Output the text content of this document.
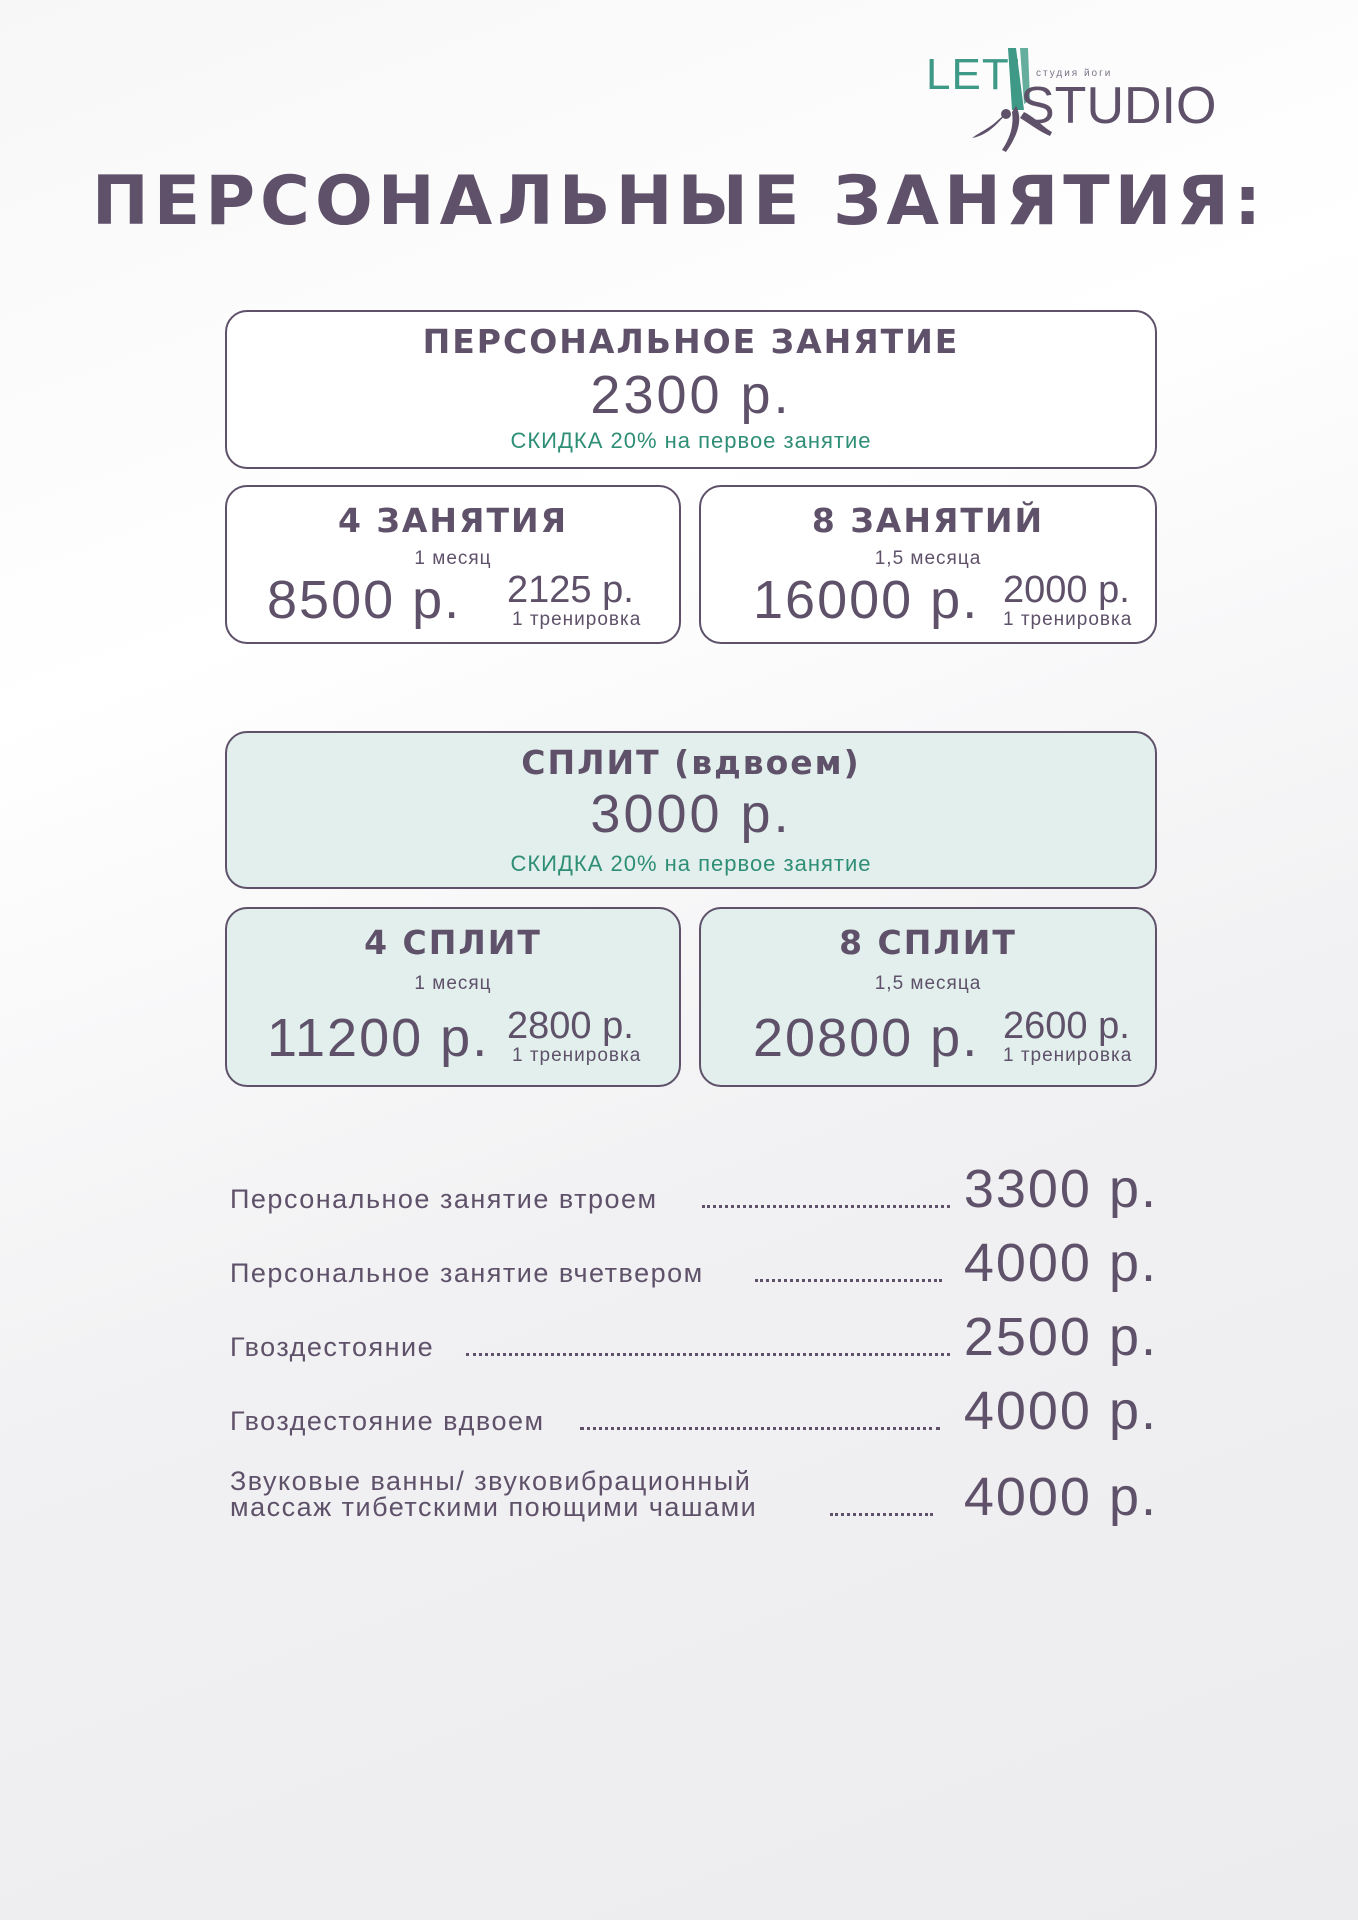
LETI студия йоги
STUDIO
ПЕРСОНАЛЬНЫЕ ЗАНЯТИЯ:
ПЕРСОНАЛЬНОЕ ЗАНЯТИЕ
2300 р.
СКИДКА 20% на первое занятие
4 ЗАНЯТИЯ
1 месяц
8500 р. 2125 р.
1 тренировка
8 ЗАНЯТИЙ
1,5 месяца
16000 р. 2000 р.
1 тренировка
СПЛИТ (вдвоем)
3000 р.
СКИДКА 20% на первое занятие
4 СПЛИТ
1 месяц
11200 р. 2800 р.
1 тренировка
8 СПЛИТ
1,5 месяца
20800 р. 2600 р.
1 тренировка
Персональное занятие втроем	3300 р.
Персональное занятие вчетвером	4000 р.
Гвоздестояние	2500 р.
Гвоздестояние вдвоем	4000 р.
Звуковые ванны/ звуковибрационный
массаж тибетскими поющими чашами	4000 р.
